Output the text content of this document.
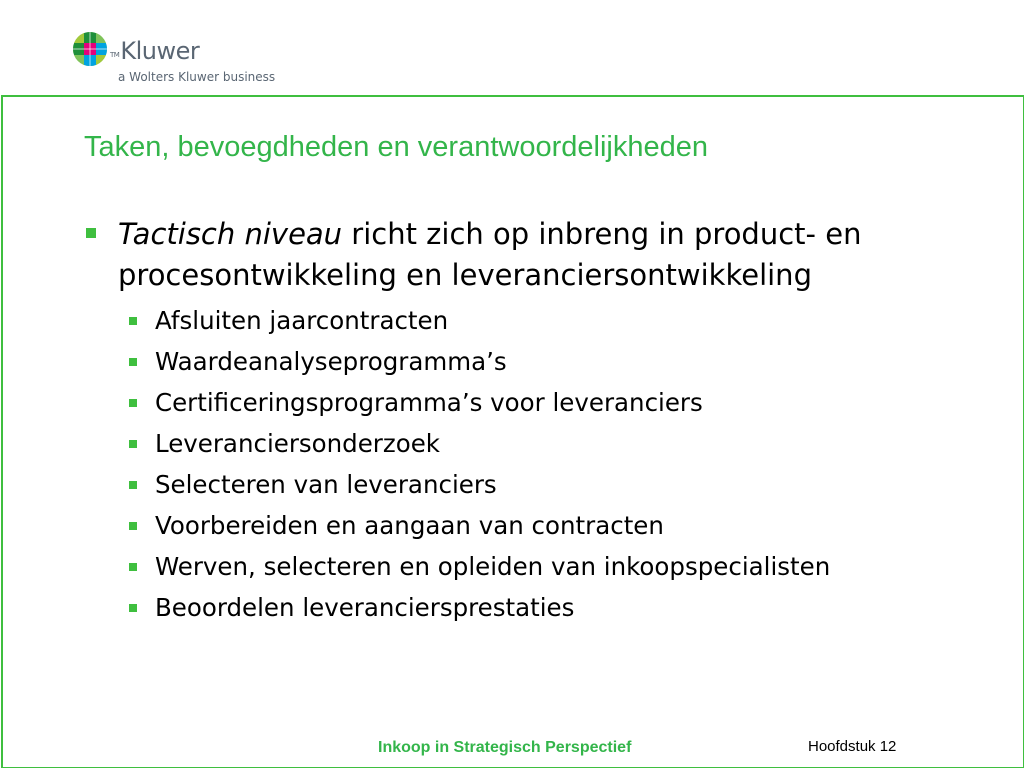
TMKluwer
a Wolters Kluwer business
Taken, bevoegdheden en verantwoordelijkheden
Tactisch niveau richt zich op inbreng in product- en procesontwikkeling en leveranciersontwikkeling
Afsluiten jaarcontracten
Waardeanalyseprogramma’s
Certificeringsprogramma’s voor leveranciers
Leveranciersonderzoek
Selecteren van leveranciers
Voorbereiden en aangaan van contracten
Werven, selecteren en opleiden van inkoopspecialisten
Beoordelen leveranciersprestaties
Inkoop in Strategisch Perspectief	Hoofdstuk 12
